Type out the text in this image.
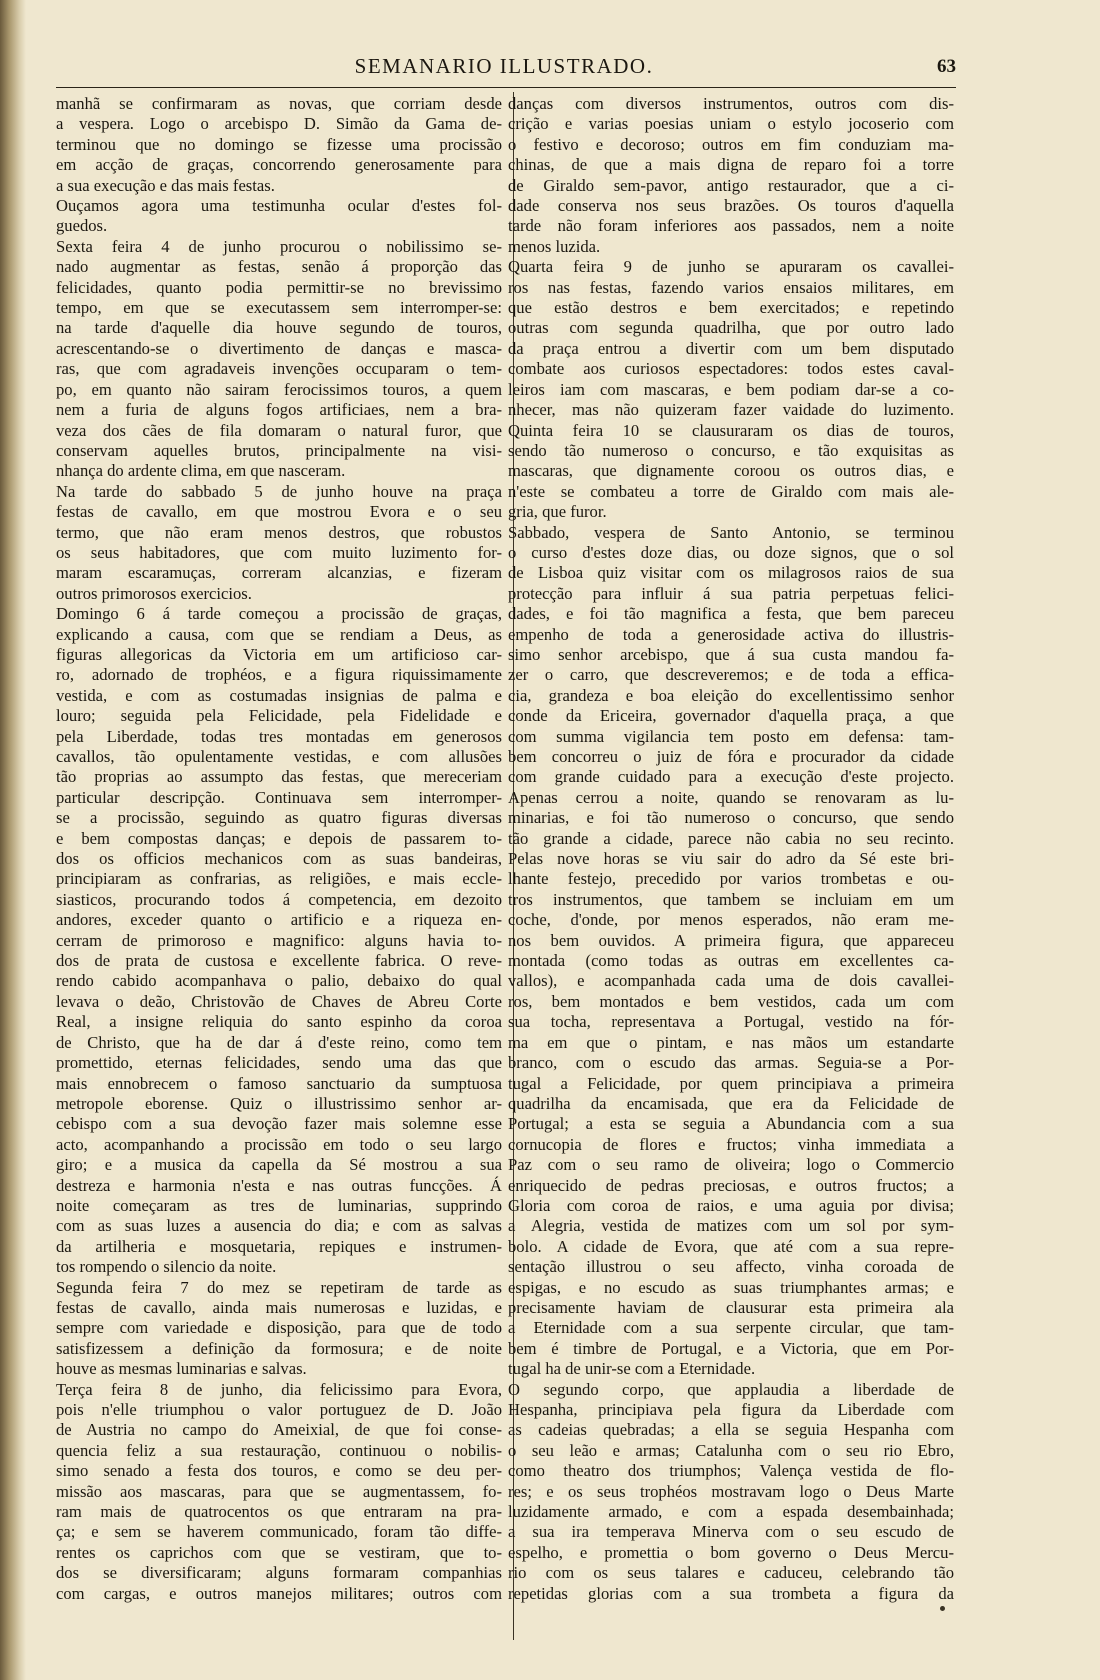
SEMANARIO ILLUSTRADO.	63
manhã se confirmaram as novas, que corriam desde
a vespera. Logo o arcebispo D. Simão da Gama de-
terminou que no domingo se fizesse uma procissão
em acção de graças, concorrendo generosamente para
a sua execução e das mais festas.
Ouçamos agora uma testimunha ocular d'estes fol-
guedos.
Sexta feira 4 de junho procurou o nobilissimo se-
nado augmentar as festas, senão á proporção das
felicidades, quanto podia permittir-se no brevissimo
tempo, em que se executassem sem interromper-se:
na tarde d'aquelle dia houve segundo de touros,
acrescentando-se o divertimento de danças e masca-
ras, que com agradaveis invenções occuparam o tem-
po, em quanto não sairam ferocissimos touros, a quem
nem a furia de alguns fogos artificiaes, nem a bra-
veza dos cães de fila domaram o natural furor, que
conservam aquelles brutos, principalmente na visi-
nhança do ardente clima, em que nasceram.
Na tarde do sabbado 5 de junho houve na praça
festas de cavallo, em que mostrou Evora e o seu
termo, que não eram menos destros, que robustos
os seus habitadores, que com muito luzimento for-
maram escaramuças, correram alcanzias, e fizeram
outros primorosos exercicios.
Domingo 6 á tarde começou a procissão de graças,
explicando a causa, com que se rendiam a Deus, as
figuras allegoricas da Victoria em um artificioso car-
ro, adornado de trophéos, e a figura riquissimamente
vestida, e com as costumadas insignias de palma e
louro; seguida pela Felicidade, pela Fidelidade e
pela Liberdade, todas tres montadas em generosos
cavallos, tão opulentamente vestidas, e com allusões
tão proprias ao assumpto das festas, que mereceriam
particular descripção. Continuava sem interromper-
se a procissão, seguindo as quatro figuras diversas
e bem compostas danças; e depois de passarem to-
dos os officios mechanicos com as suas bandeiras,
principiaram as confrarias, as religiões, e mais eccle-
siasticos, procurando todos á competencia, em dezoito
andores, exceder quanto o artificio e a riqueza en-
cerram de primoroso e magnifico: alguns havia to-
dos de prata de custosa e excellente fabrica. O reve-
rendo cabido acompanhava o palio, debaixo do qual
levava o deão, Christovão de Chaves de Abreu Corte
Real, a insigne reliquia do santo espinho da coroa
de Christo, que ha de dar á d'este reino, como tem
promettido, eternas felicidades, sendo uma das que
mais ennobrecem o famoso sanctuario da sumptuosa
metropole eborense. Quiz o illustrissimo senhor ar-
cebispo com a sua devoção fazer mais solemne esse
acto, acompanhando a procissão em todo o seu largo
giro; e a musica da capella da Sé mostrou a sua
destreza e harmonia n'esta e nas outras funcções. Á
noite começaram as tres de luminarias, supprindo
com as suas luzes a ausencia do dia; e com as salvas
da artilheria e mosquetaria, repiques e instrumen-
tos rompendo o silencio da noite.
Segunda feira 7 do mez se repetiram de tarde as
festas de cavallo, ainda mais numerosas e luzidas, e
sempre com variedade e disposição, para que de todo
satisfizessem a definição da formosura; e de noite
houve as mesmas luminarias e salvas.
Terça feira 8 de junho, dia felicissimo para Evora,
pois n'elle triumphou o valor portuguez de D. João
de Austria no campo do Ameixial, de que foi conse-
quencia feliz a sua restauração, continuou o nobilis-
simo senado a festa dos touros, e como se deu per-
missão aos mascaras, para que se augmentassem, fo-
ram mais de quatrocentos os que entraram na pra-
ça; e sem se haverem communicado, foram tão diffe-
rentes os caprichos com que se vestiram, que to-
dos se diversificaram; alguns formaram companhias
com cargas, e outros manejos militares; outros com
danças com diversos instrumentos, outros com dis-
crição e varias poesias uniam o estylo jocoserio com
o festivo e decoroso; outros em fim conduziam ma-
chinas, de que a mais digna de reparo foi a torre
de Giraldo sem-pavor, antigo restaurador, que a ci-
dade conserva nos seus brazões. Os touros d'aquella
tarde não foram inferiores aos passados, nem a noite
menos luzida.
Quarta feira 9 de junho se apuraram os cavallei-
ros nas festas, fazendo varios ensaios militares, em
que estão destros e bem exercitados; e repetindo
outras com segunda quadrilha, que por outro lado
da praça entrou a divertir com um bem disputado
combate aos curiosos espectadores: todos estes caval-
leiros iam com mascaras, e bem podiam dar-se a co-
nhecer, mas não quizeram fazer vaidade do luzimento.
Quinta feira 10 se clausuraram os dias de touros,
sendo tão numeroso o concurso, e tão exquisitas as
mascaras, que dignamente coroou os outros dias, e
n'este se combateu a torre de Giraldo com mais ale-
gria, que furor.
Sabbado, vespera de Santo Antonio, se terminou
o curso d'estes doze dias, ou doze signos, que o sol
de Lisboa quiz visitar com os milagrosos raios de sua
protecção para influir á sua patria perpetuas felici-
dades, e foi tão magnifica a festa, que bem pareceu
empenho de toda a generosidade activa do illustris-
simo senhor arcebispo, que á sua custa mandou fa-
zer o carro, que descreveremos; e de toda a effica-
cia, grandeza e boa eleição do excellentissimo senhor
conde da Ericeira, governador d'aquella praça, a que
com summa vigilancia tem posto em defensa: tam-
bem concorreu o juiz de fóra e procurador da cidade
com grande cuidado para a execução d'este projecto.
Apenas cerrou a noite, quando se renovaram as lu-
minarias, e foi tão numeroso o concurso, que sendo
tão grande a cidade, parece não cabia no seu recinto.
Pelas nove horas se viu sair do adro da Sé este bri-
lhante festejo, precedido por varios trombetas e ou-
tros instrumentos, que tambem se incluiam em um
coche, d'onde, por menos esperados, não eram me-
nos bem ouvidos. A primeira figura, que appareceu
montada (como todas as outras em excellentes ca-
vallos), e acompanhada cada uma de dois cavallei-
ros, bem montados e bem vestidos, cada um com
sua tocha, representava a Portugal, vestido na fór-
ma em que o pintam, e nas mãos um estandarte
branco, com o escudo das armas. Seguia-se a Por-
tugal a Felicidade, por quem principiava a primeira
quadrilha da encamisada, que era da Felicidade de
Portugal; a esta se seguia a Abundancia com a sua
cornucopia de flores e fructos; vinha immediata a
Paz com o seu ramo de oliveira; logo o Commercio
enriquecido de pedras preciosas, e outros fructos; a
Gloria com coroa de raios, e uma aguia por divisa;
a Alegria, vestida de matizes com um sol por sym-
bolo. A cidade de Evora, que até com a sua repre-
sentação illustrou o seu affecto, vinha coroada de
espigas, e no escudo as suas triumphantes armas; e
precisamente haviam de clausurar esta primeira ala
a Eternidade com a sua serpente circular, que tam-
bem é timbre de Portugal, e a Victoria, que em Por-
tugal ha de unir-se com a Eternidade.
O segundo corpo, que applaudia a liberdade de
Hespanha, principiava pela figura da Liberdade com
as cadeias quebradas; a ella se seguia Hespanha com
o seu leão e armas; Catalunha com o seu rio Ebro,
como theatro dos triumphos; Valença vestida de flo-
res; e os seus trophéos mostravam logo o Deus Marte
luzidamente armado, e com a espada desembainhada;
a sua ira temperava Minerva com o seu escudo de
espelho, e promettia o bom governo o Deus Mercu-
rio com os seus talares e caduceu, celebrando tão
repetidas glorias com a sua trombeta a figura da
